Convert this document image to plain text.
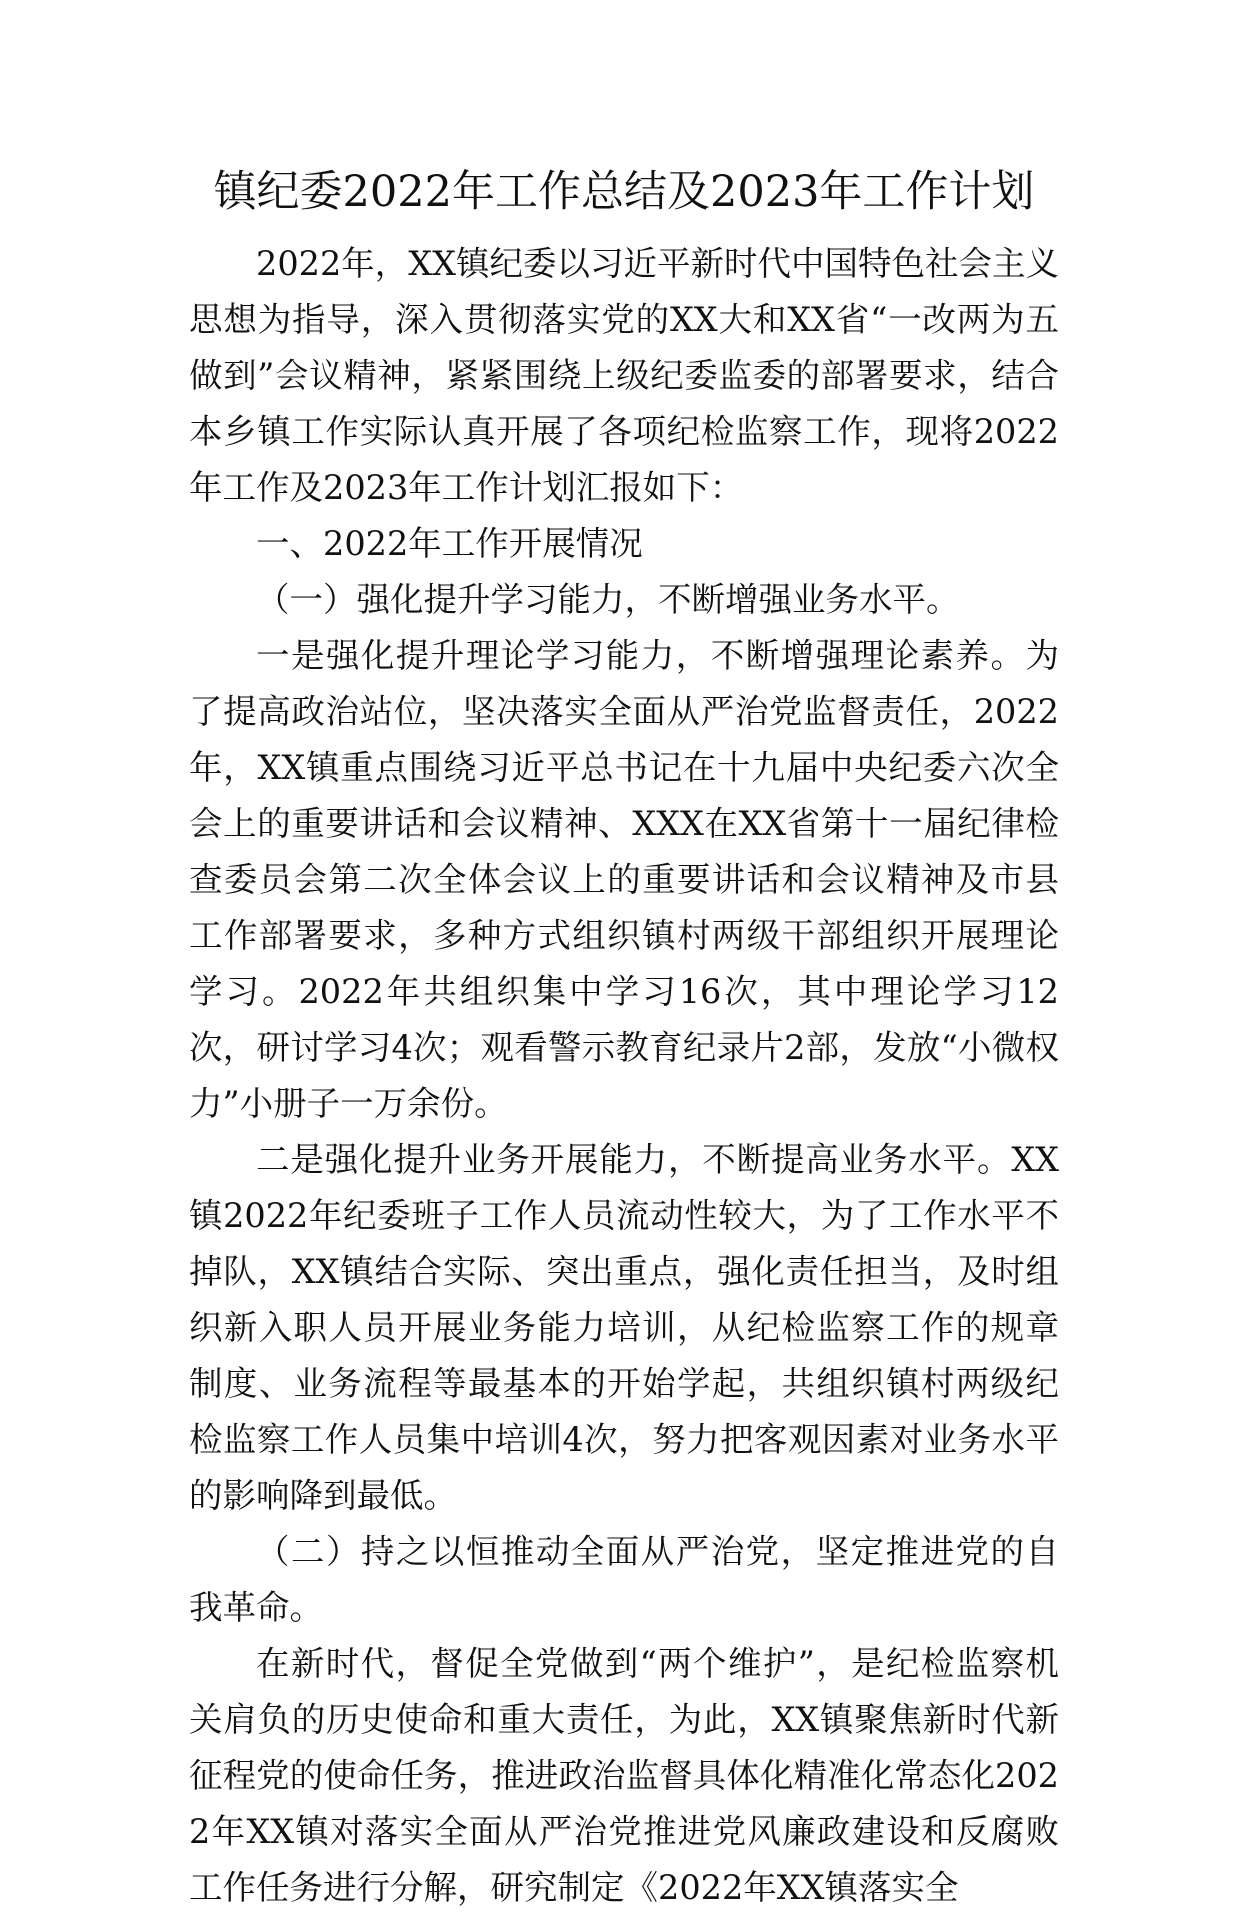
镇纪委2022年工作总结及2023年工作计划

2022年，XX镇纪委以习近平新时代中国特色社会主义思想为指导，深入贯彻落实党的XX大和XX省“一改两为五做到”会议精神，紧紧围绕上级纪委监委的部署要求，结合本乡镇工作实际认真开展了各项纪检监察工作，现将2022年工作及2023年工作计划汇报如下：

一、2022年工作开展情况

（一）强化提升学习能力，不断增强业务水平。

一是强化提升理论学习能力，不断增强理论素养。为了提高政治站位，坚决落实全面从严治党监督责任，2022年，XX镇重点围绕习近平总书记在十九届中央纪委六次全会上的重要讲话和会议精神、XXX在XX省第十一届纪律检查委员会第二次全体会议上的重要讲话和会议精神及市县工作部署要求，多种方式组织镇村两级干部组织开展理论学习。2022年共组织集中学习16次，其中理论学习12次，研讨学习4次；观看警示教育纪录片2部，发放“小微权力”小册子一万余份。

二是强化提升业务开展能力，不断提高业务水平。XX镇2022年纪委班子工作人员流动性较大，为了工作水平不掉队，XX镇结合实际、突出重点，强化责任担当，及时组织新入职人员开展业务能力培训，从纪检监察工作的规章制度、业务流程等最基本的开始学起，共组织镇村两级纪检监察工作人员集中培训4次，努力把客观因素对业务水平的影响降到最低。

（二）持之以恒推动全面从严治党，坚定推进党的自我革命。

在新时代，督促全党做到“两个维护”，是纪检监察机关肩负的历史使命和重大责任，为此，XX镇聚焦新时代新征程党的使命任务，推进政治监督具体化精准化常态化2022年XX镇对落实全面从严治党推进党风廉政建设和反腐败工作任务进行分解，研究制定《2022年XX镇落实全
